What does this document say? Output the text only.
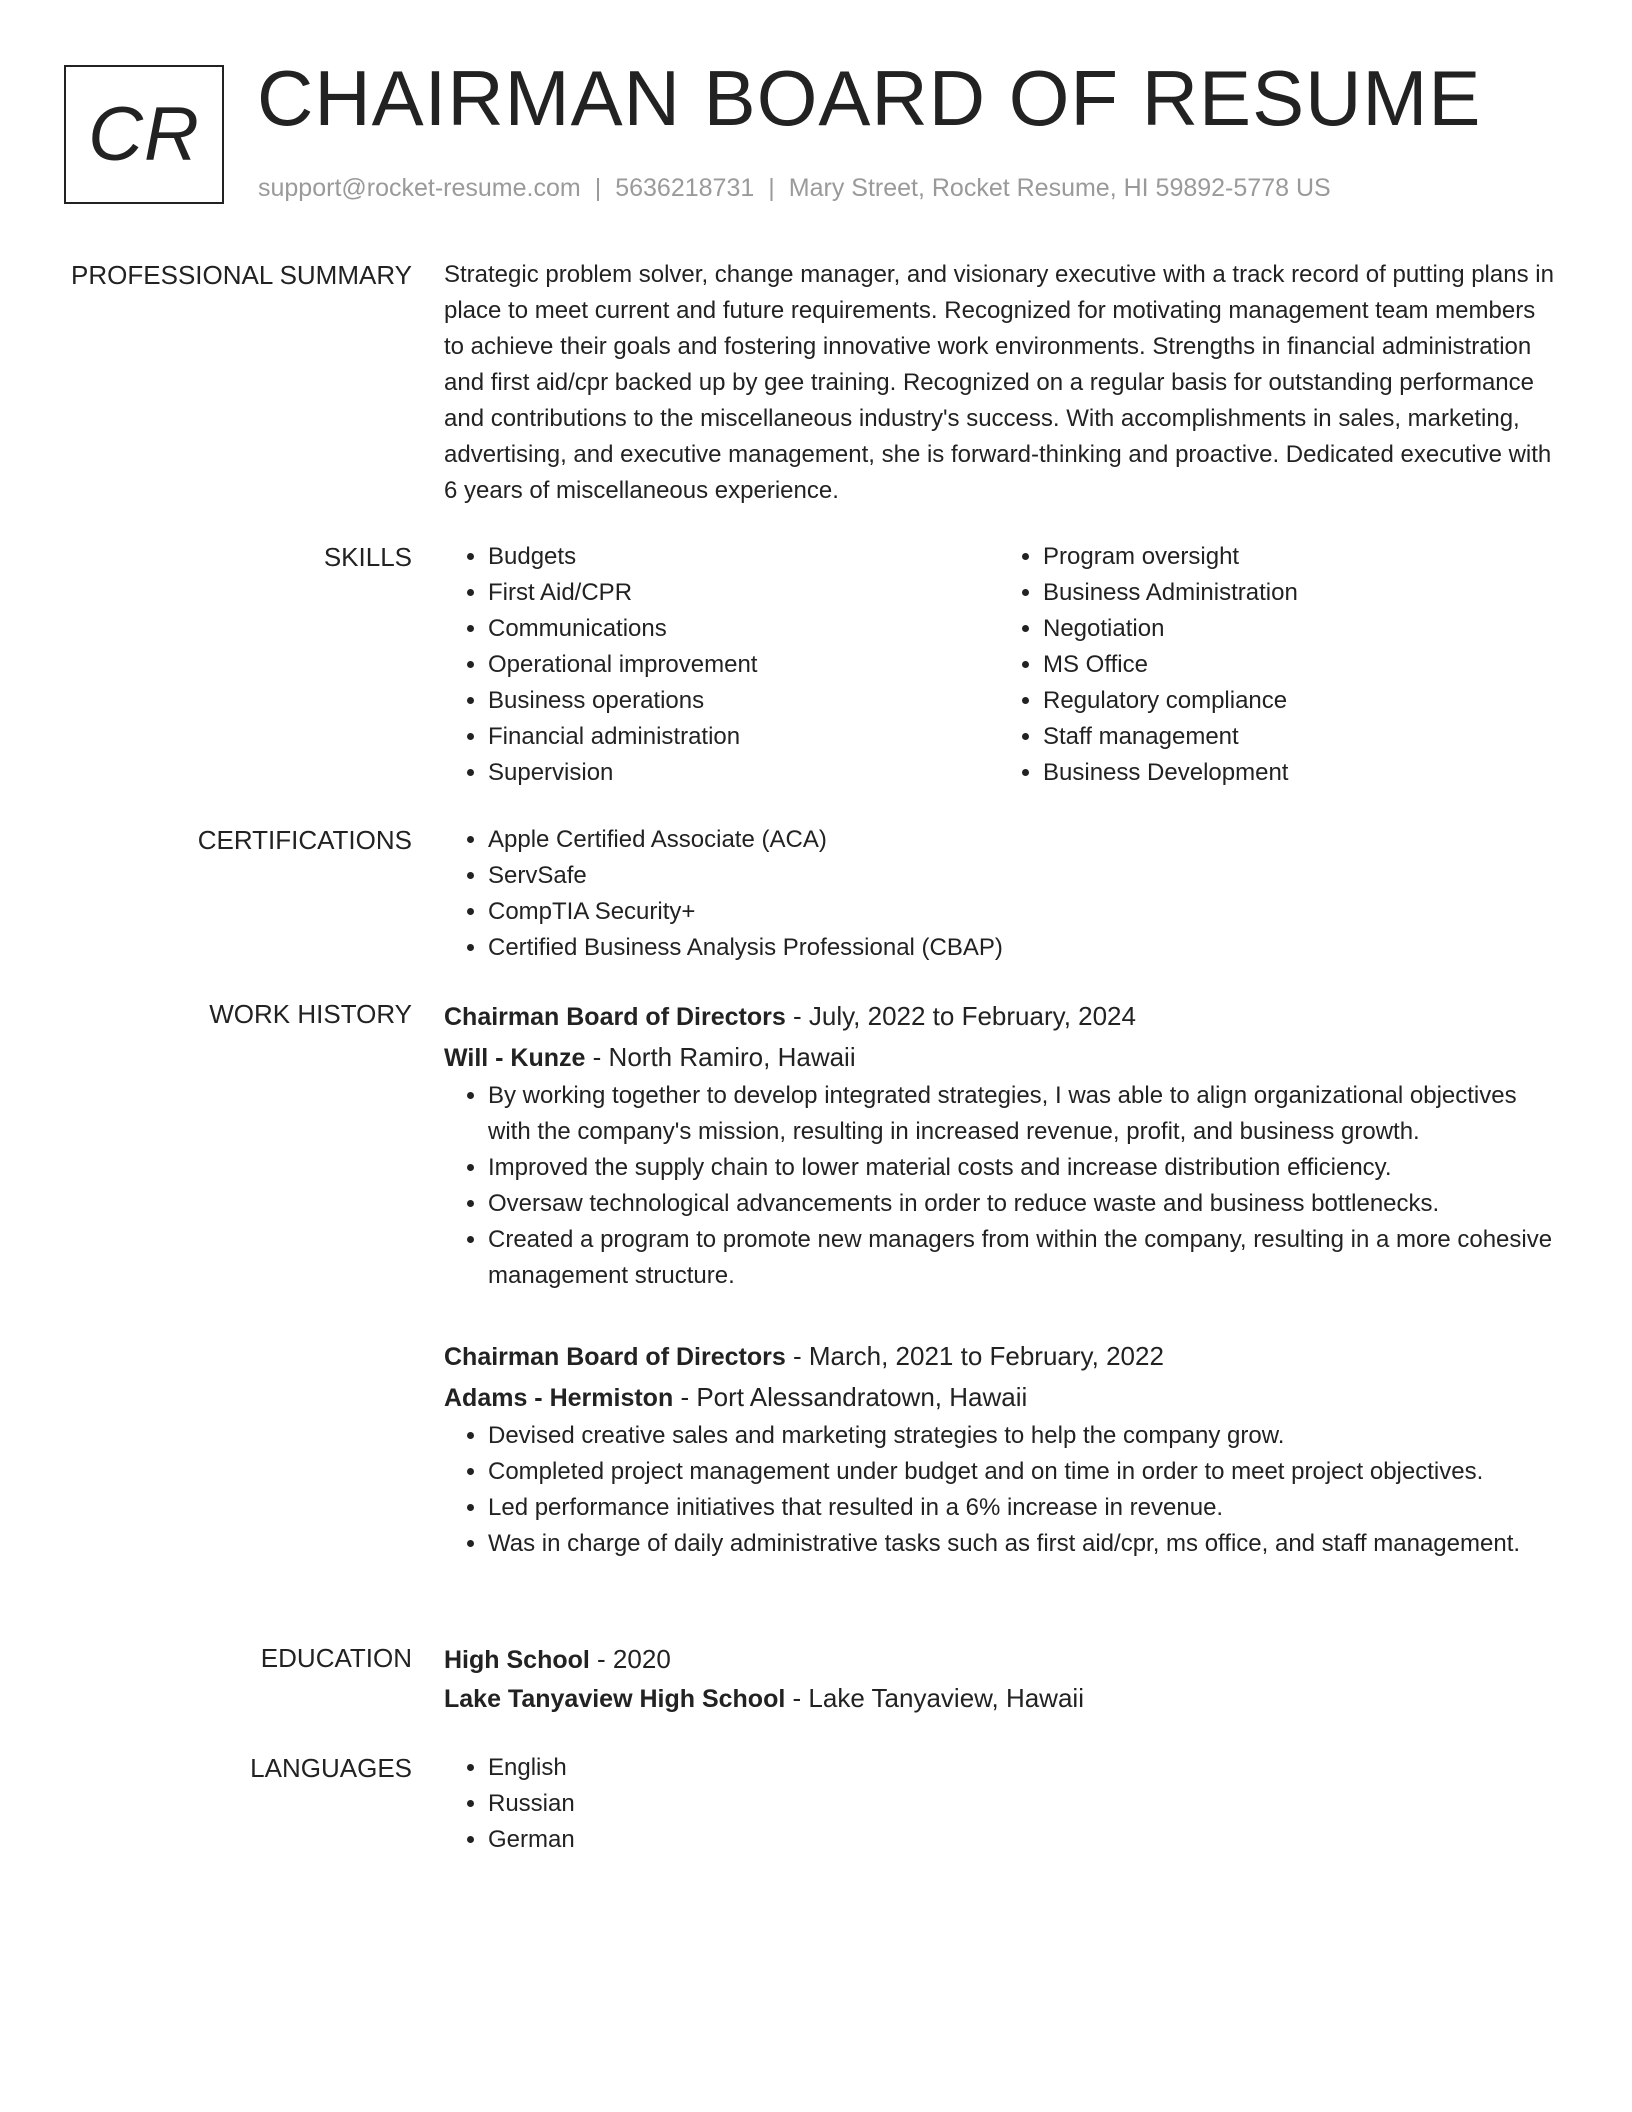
CR CHAIRMAN BOARD OF RESUME
support@rocket-resume.com | 5636218731 | Mary Street, Rocket Resume, HI 59892-5778 US
PROFESSIONAL SUMMARY Strategic problem solver, change manager, and visionary executive with a track record of putting plans in place to meet current and future requirements. Recognized for motivating management team members to achieve their goals and fostering innovative work environments. Strengths in financial administration and first aid/cpr backed up by gee training. Recognized on a regular basis for outstanding performance and contributions to the miscellaneous industry's success. With accomplishments in sales, marketing, advertising, and executive management, she is forward-thinking and proactive. Dedicated executive with 6 years of miscellaneous experience.

SKILLS	• Budgets
• First Aid/CPR
• Communications
• Operational improvement
• Business operations
• Financial administration
• Supervision
• Program oversight
• Business Administration
• Negotiation
• MS Office
• Regulatory compliance
• Staff management
• Business Development
CERTIFICATIONS	• Apple Certified Associate (ACA)
• ServSafe
• CompTIA Security+
• Certified Business Analysis Professional (CBAP)
WORK HISTORY Chairman Board of Directors - July, 2022 to February, 2024
Will - Kunze - North Ramiro, Hawaii
• By working together to develop integrated strategies, I was able to align organizational objectives with the company's mission, resulting in increased revenue, profit, and business growth.
• Improved the supply chain to lower material costs and increase distribution efficiency.
• Oversaw technological advancements in order to reduce waste and business bottlenecks.
• Created a program to promote new managers from within the company, resulting in a more cohesive management structure.
Chairman Board of Directors - March, 2021 to February, 2022
Adams - Hermiston - Port Alessandratown, Hawaii
• Devised creative sales and marketing strategies to help the company grow.
• Completed project management under budget and on time in order to meet project objectives.
• Led performance initiatives that resulted in a 6% increase in revenue.
• Was in charge of daily administrative tasks such as first aid/cpr, ms office, and staff management.
EDUCATION High School - 2020
Lake Tanyaview High School - Lake Tanyaview, Hawaii
LANGUAGES	• English
• Russian
• German
